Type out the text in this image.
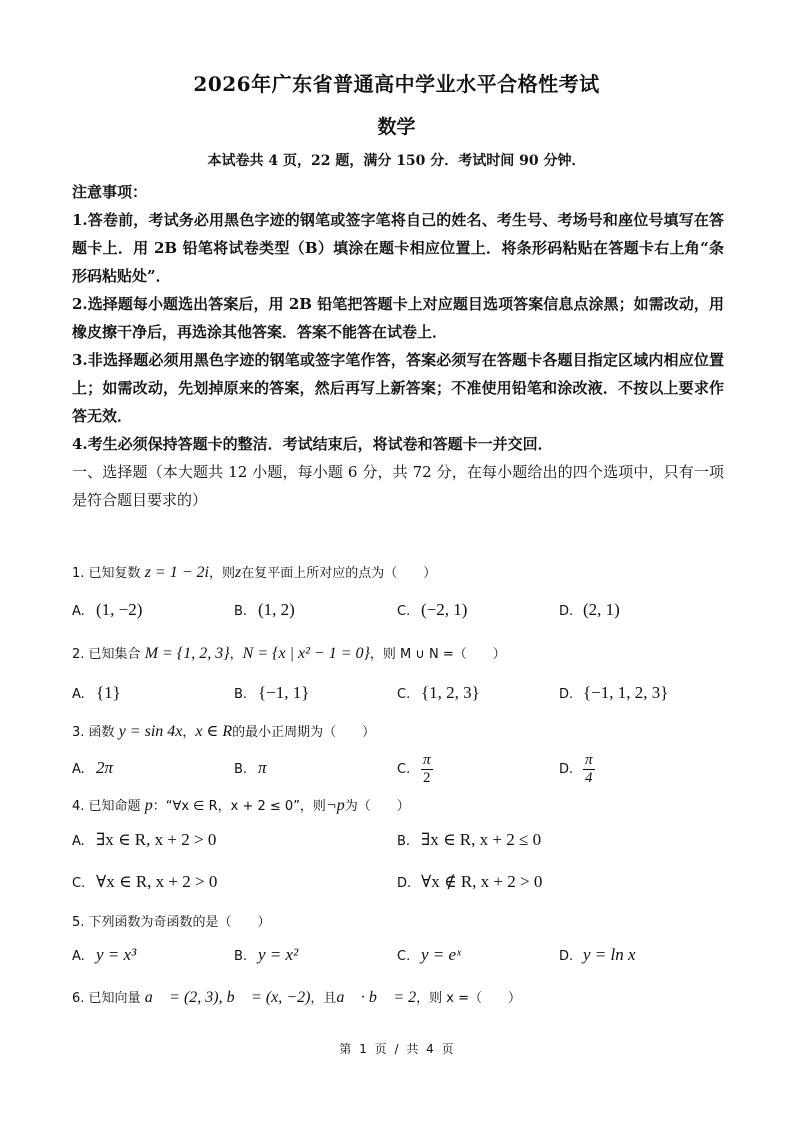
2026年广东省普通高中学业水平合格性考试
数学
本试卷共 4 页，22 题，满分 150 分．考试时间 90 分钟．

注意事项：

1.答卷前，考试务必用黑色字迹的钢笔或签字笔将自己的姓名、考生号、考场号和座位号填写在答题卡上．用 2B 铅笔将试卷类型（B）填涂在题卡相应位置上．将条形码粘贴在答题卡右上角“条形码粘贴处”．

2.选择题每小题选出答案后，用 2B 铅笔把答题卡上对应题目选项答案信息点涂黑；如需改动，用橡皮擦干净后，再选涂其他答案．答案不能答在试卷上．

3.非选择题必须用黑色字迹的钢笔或签字笔作答，答案必须写在答题卡各题目指定区域内相应位置上；如需改动，先划掉原来的答案，然后再写上新答案；不准使用铅笔和涂改液．不按以上要求作答无效．

4.考生必须保持答题卡的整洁．考试结束后，将试卷和答题卡一并交回．

一、选择题（本大题共 12 小题，每小题 6 分，共 72 分，在每小题给出的四个选项中，只有一项是符合题目要求的）

1. 已知复数 z = 1 − 2i，则z在复平面上所对应的点为（　　）
A. (1, −2)	B. (1, 2)	C. (−2, 1)	D. (2, 1)
2. 已知集合 M = {1, 2, 3}，N = {x | x² − 1 = 0}，则 M ∪ N =（　　）
A. {1}	B. {−1, 1}	C. {1, 2, 3}	D. {−1, 1, 2, 3}
3. 函数 y = sin 4x，x ∈ R的最小正周期为（　　）
A. 2π	B. π	C. $\frac{\pi}{2}$	D. $\frac{\pi}{4}$
4. 已知命题 p：“∀x ∈ R，x + 2 ≤ 0”，则¬p为（　　）
A. ∃x ∈ R, x + 2 > 0	B. ∃x ∈ R, x + 2 ≤ 0
C. ∀x ∈ R, x + 2 > 0	D. ∀x ∉ R, x + 2 > 0
5. 下列函数为奇函数的是（　　）
A. y = x³	B. y = x²	C. y = eˣ	D. y = ln x
6. 已知向量 a⃗ = (2, 3), b⃗ = (x, −2)，且a⃗ · b⃗ = 2，则 x =（　　）
第 1 页 / 共 4 页
